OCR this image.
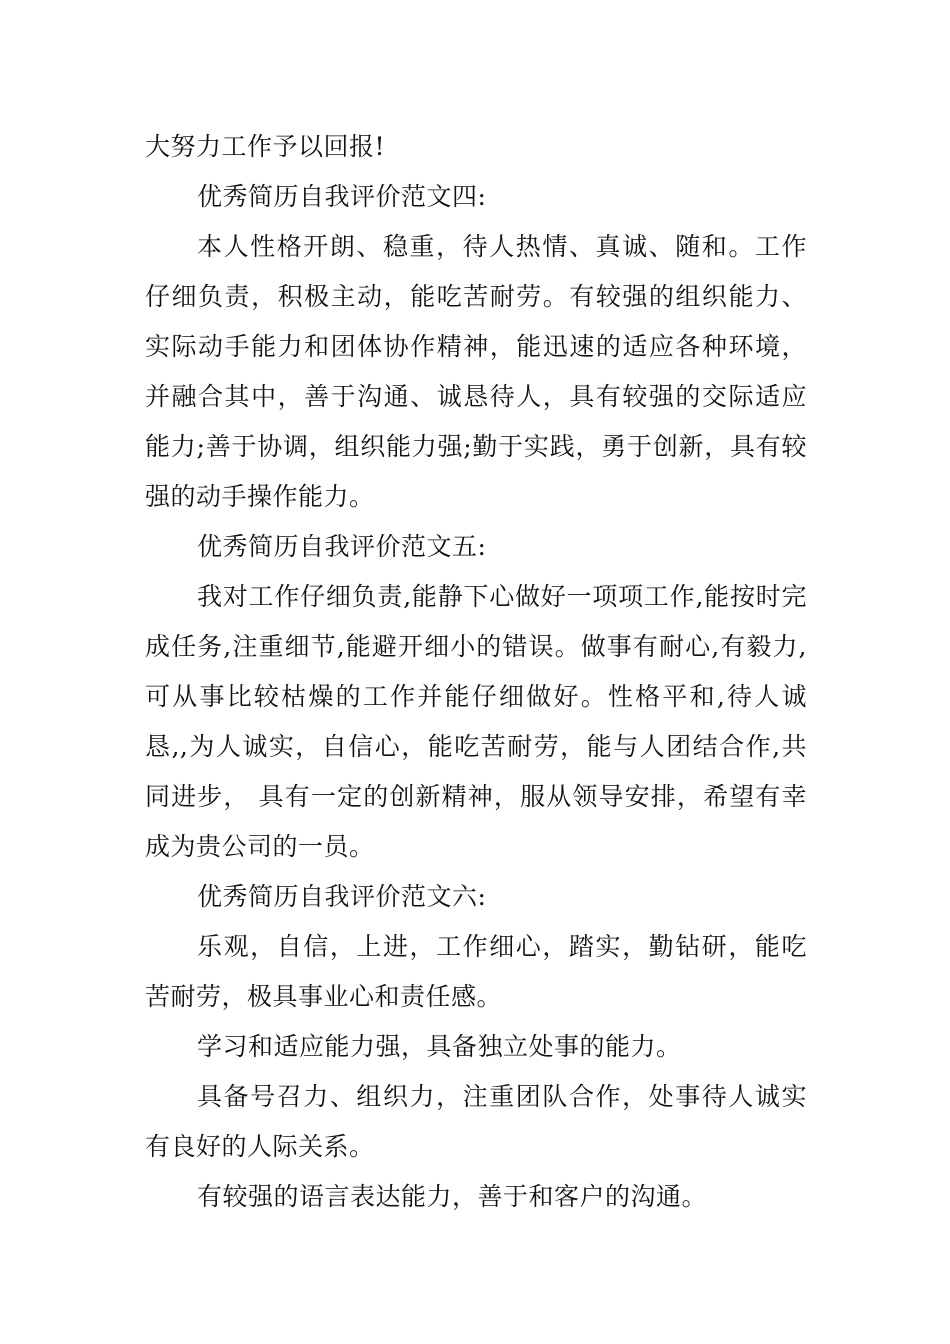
大努力工作予以回报!

优秀简历自我评价范文四:

本人性格开朗、稳重，待人热情、真诚、随和。工作仔细负责，积极主动，能吃苦耐劳。有较强的组织能力、实际动手能力和团体协作精神，能迅速的适应各种环境，并融合其中，善于沟通、诚恳待人，具有较强的交际适应能力;善于协调，组织能力强;勤于实践，勇于创新，具有较强的动手操作能力。

优秀简历自我评价范文五:

我对工作仔细负责,能静下心做好一项项工作,能按时完成任务,注重细节,能避开细小的错误。做事有耐心,有毅力,可从事比较枯燥的工作并能仔细做好。性格平和,待人诚恳,,为人诚实，自信心，能吃苦耐劳，能与人团结合作,共同进步， 具有一定的创新精神，服从领导安排，希望有幸成为贵公司的一员。

优秀简历自我评价范文六:

乐观，自信，上进，工作细心，踏实，勤钻研，能吃苦耐劳，极具事业心和责任感。

学习和适应能力强，具备独立处事的能力。

具备号召力、组织力，注重团队合作，处事待人诚实有良好的人际关系。

有较强的语言表达能力，善于和客户的沟通。
